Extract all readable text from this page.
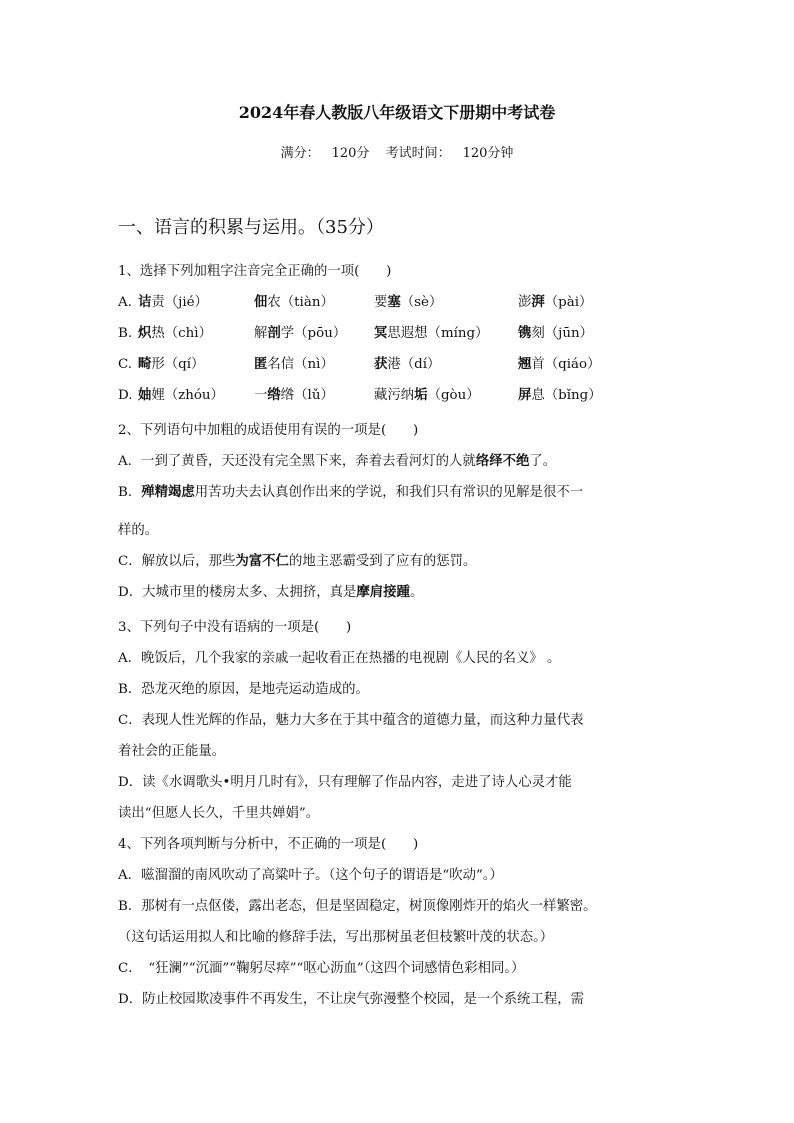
2024年春人教版八年级语文下册期中考试卷
满分： 120分 考试时间： 120分钟
一、语言的积累与运用。（35分）
1、选择下列加粗字注音完全正确的一项(　　)
A. 诘责（jié）	佃农（tiàn）	要塞（sè）	澎湃（pài）
B. 炽热（chì）	解剖学（pōu）	冥思遐想（míng）	镌刻（jūn）
C. 畸形（qí）	匿名信（nì）	获港（dí）	翘首（qiáo）
D. 妯娌（zhóu）	一绺绺（lǔ）	藏污纳垢（gòu）	屏息（bǐng）
2、下列语句中加粗的成语使用有误的一项是(　　)
A．一到了黄昏，天还没有完全黑下来，奔着去看河灯的人就络绎不绝了。
B．殚精竭虑用苦功夫去认真创作出来的学说，和我们只有常识的见解是很不一
样的。
C．解放以后，那些为富不仁的地主恶霸受到了应有的惩罚。
D．大城市里的楼房太多、太拥挤，真是摩肩接踵。
3、下列句子中没有语病的一项是(　　)
A．晚饭后，几个我家的亲戚一起收看正在热播的电视剧《人民的名义》 。
B．恐龙灭绝的原因，是地壳运动造成的。
C．表现人性光辉的作品，魅力大多在于其中蕴含的道德力量，而这种力量代表
着社会的正能量。
D．读《水调歌头•明月几时有》，只有理解了作品内容，走进了诗人心灵才能
读出“但愿人长久，千里共婵娟”。
4、下列各项判断与分析中，不正确的一项是(　　)
A．嗞溜溜的南风吹动了高粱叶子。（这个句子的谓语是“吹动”。）
B．那树有一点伛偻，露出老态，但是坚固稳定，树顶像刚炸开的焰火一样繁密。
（这句话运用拟人和比喻的修辞手法，写出那树虽老但枝繁叶茂的状态。）
C．　“狂澜”“沉湎”“鞠躬尽瘁”“呕心沥血”（这四个词感情色彩相同。）
D．防止校园欺凌事件不再发生，不让戾气弥漫整个校园，是一个系统工程，需
